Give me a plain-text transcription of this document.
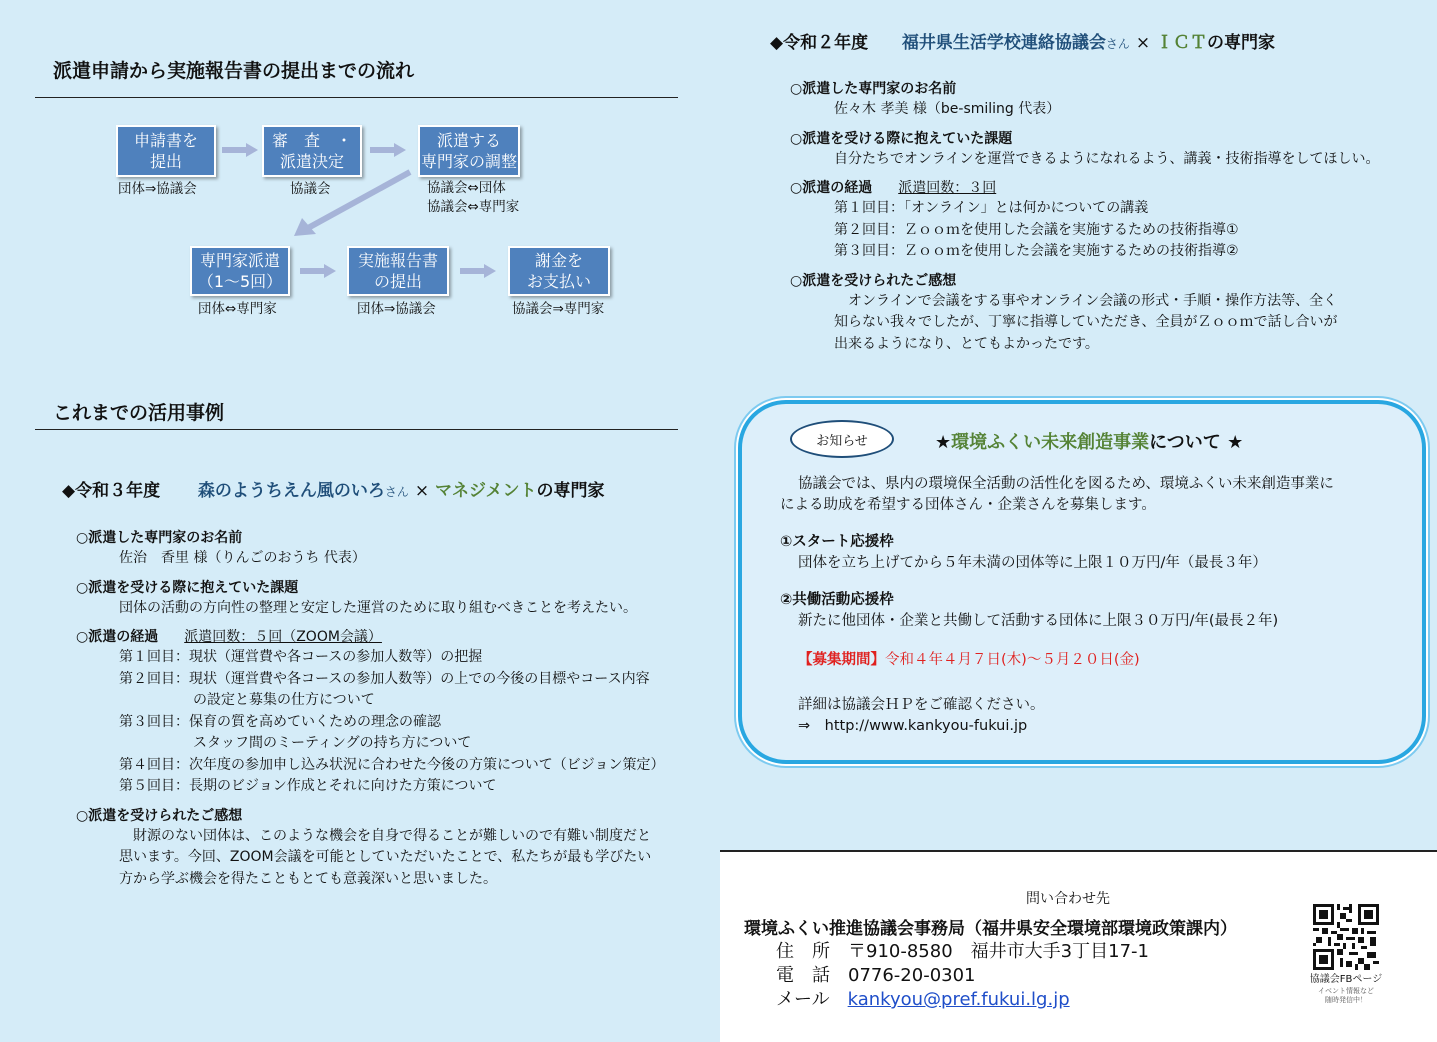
派遣申請から実施報告書の提出までの流れ
申請書を
提出
団体⇒協議会
審　査　・
派遣決定
協議会
派遣する
専門家の調整
協議会⇔団体
協議会⇔専門家
専門家派遣
（1～5回）
団体⇔専門家
実施報告書
の提出
団体⇒協議会
謝金を
お支払い
協議会⇒専門家
これまでの活用事例
◆令和３年度 森のようちえん風のいろさん × マネジメントの専門家
○派遣した専門家のお名前
佐治　香里 様（りんごのおうち 代表）
○派遣を受ける際に抱えていた課題
団体の活動の方向性の整理と安定した運営のために取り組むべきことを考えたい。
○派遣の経過 派遣回数：５回（ZOOM会議）
第１回目：現状（運営費や各コースの参加人数等）の把握
第２回目：現状（運営費や各コースの参加人数等）の上での今後の目標やコース内容
の設定と募集の仕方について
第３回目：保育の質を高めていくための理念の確認
スタッフ間のミーティングの持ち方について
第４回目：次年度の参加申し込み状況に合わせた今後の方策について（ビジョン策定）
第５回目：長期のビジョン作成とそれに向けた方策について
○派遣を受けられたご感想
　財源のない団体は、このような機会を自身で得ることが難しいので有難い制度だと
思います。今回、ZOOM会議を可能としていただいたことで、私たちが最も学びたい
方から学ぶ機会を得たこともとても意義深いと思いました。
◆令和２年度 福井県生活学校連絡協議会さん × ＩＣＴの専門家
○派遣した専門家のお名前
佐々木 孝美 様（be-smiling 代表）
○派遣を受ける際に抱えていた課題
自分たちでオンラインを運営できるようになれるよう、講義・技術指導をしてほしい。
○派遣の経過 派遣回数：３回
第１回目：「オンライン」とは何かについての講義
第２回目：Ｚｏｏｍを使用した会議を実施するための技術指導①
第３回目：Ｚｏｏｍを使用した会議を実施するための技術指導②
○派遣を受けられたご感想
　オンラインで会議をする事やオンライン会議の形式・手順・操作方法等、全く
知らない我々でしたが、丁寧に指導していただき、全員がＺｏｏｍで話し合いが
出来るようになり、とてもよかったです。
お知らせ	★環境ふくい未来創造事業について ★
協議会では、県内の環境保全活動の活性化を図るため、環境ふくい未来創造事業に
による助成を希望する団体さん・企業さんを募集します。
①スタート応援枠
団体を立ち上げてから５年未満の団体等に上限１０万円/年（最長３年）
②共働活動応援枠
新たに他団体・企業と共働して活動する団体に上限３０万円/年(最長２年)
【募集期間】令和４年４月７日(木)～５月２０日(金)
詳細は協議会ＨＰをご確認ください。
⇒　http://www.kankyou-fukui.jp
問い合わせ先
環境ふくい推進協議会事務局（福井県安全環境部環境政策課内）
住　所　 〒910-8580　福井市大手3丁目17-1
電　話　 0776-20-0301
メール　 kankyou@pref.fukui.lg.jp
協議会FBページ
イベント情報など
随時発信中！
